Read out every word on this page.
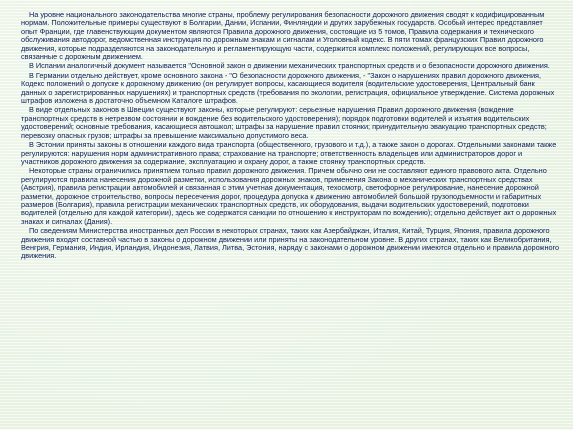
На уровне национального законодательства многие страны, проблему регулирования безопасности дорожного движения сводят к кодифицированным нормам. Положительные примеры существуют в Болгарии, Дании, Испании, Финляндии и других зарубежных государств. Особый интерес представляет опыт Франции, где главенствующим документом являются Правила дорожного движения, состоящие из 5 томов, Правила содержания и технического обслуживания автодорог, ведомственная инструкция по дорожным знакам и сигналам и Уголовный кодекс. В пяти томах французских Правил дорожного движения, которые подразделяются на законодательную и регламентирующую части, содержится комплекс положений, регулирующих все вопросы, связанные с дорожным движением.

В Испании аналогичный документ называется "Основной закон о движении механических транспортных средств и о безопасности дорожного движения.

В Германии отдельно действует, кроме основного закона - "О безопасности дорожного движения, - "Закон о нарушениях правил дорожного движения, Кодекс положений о допуске к дорожному движению (он регулирует вопросы, касающиеся водителя (водительские удостоверения, Центральный банк данных о зарегистрированных нарушениях) и транспортных средств (требования по экологии, регистрация, официальное утверждение. Система дорожных штрафов изложена в достаточно объемном Каталоге штрафов.

В виде отдельных законов в Швеции существуют законы, которые регулируют: серьезные нарушения Правил дорожного движения (вождение транспортных средств в нетрезвом состоянии и вождение без водительского удостоверения); порядок подготовки водителей и изъятия водительских удостоверений; основные требования, касающиеся автошкол; штрафы за нарушение правил стоянки; принудительную эвакуацию транспортных средств; перевозку опасных грузов; штрафы за превышение максимально допустимого веса.

В Эстонии приняты законы в отношении каждого вида транспорта (общественного, грузового и т.д.), а также закон о дорогах. Отдельными законами также регулируются: нарушения норм административного права; страхование на транспорте; ответственность владельцев или администраторов дорог и участников дорожного движения за содержание, эксплуатацию и охрану дорог, а также стоянку транспортных средств.

Некоторые страны ограничились принятием только правил дорожного движения. Причем обычно они не составляют единого правового акта. Отдельно регулируются правила нанесения дорожной разметки, использования дорожных знаков, применения Закона о механических транспортных средствах (Австрия), правила регистрации автомобилей и связанная с этим учетная документация, техосмотр, светофорное регулирование, нанесение дорожной разметки, дорожное строительство, вопросы пересечения дорог, процедура допуска к движению автомобилей большой грузоподъемности и габаритных размеров (Болгария), правила регистрации механических транспортных средств, их оборудования, выдачи водительских удостоверений, подготовки водителей (отдельно для каждой категории), здесь же содержатся санкции по отношению к инструкторам по вождению); отдельно действует акт о дорожных знаках и сигналах (Дания).

По сведениям Министерства иностранных дел России в некоторых странах, таких как Азербайджан, Италия, Китай, Турция, Япония, правила дорожного движения входят составной частью в законы о дорожном движении или приняты на законодательном уровне. В других странах, таких как Великобритания, Венгрия, Германия, Индия, Ирландия, Индонезия, Латвия, Литва, Эстония, наряду с законами о дорожном движении имеются отдельно и правила дорожного движения.
